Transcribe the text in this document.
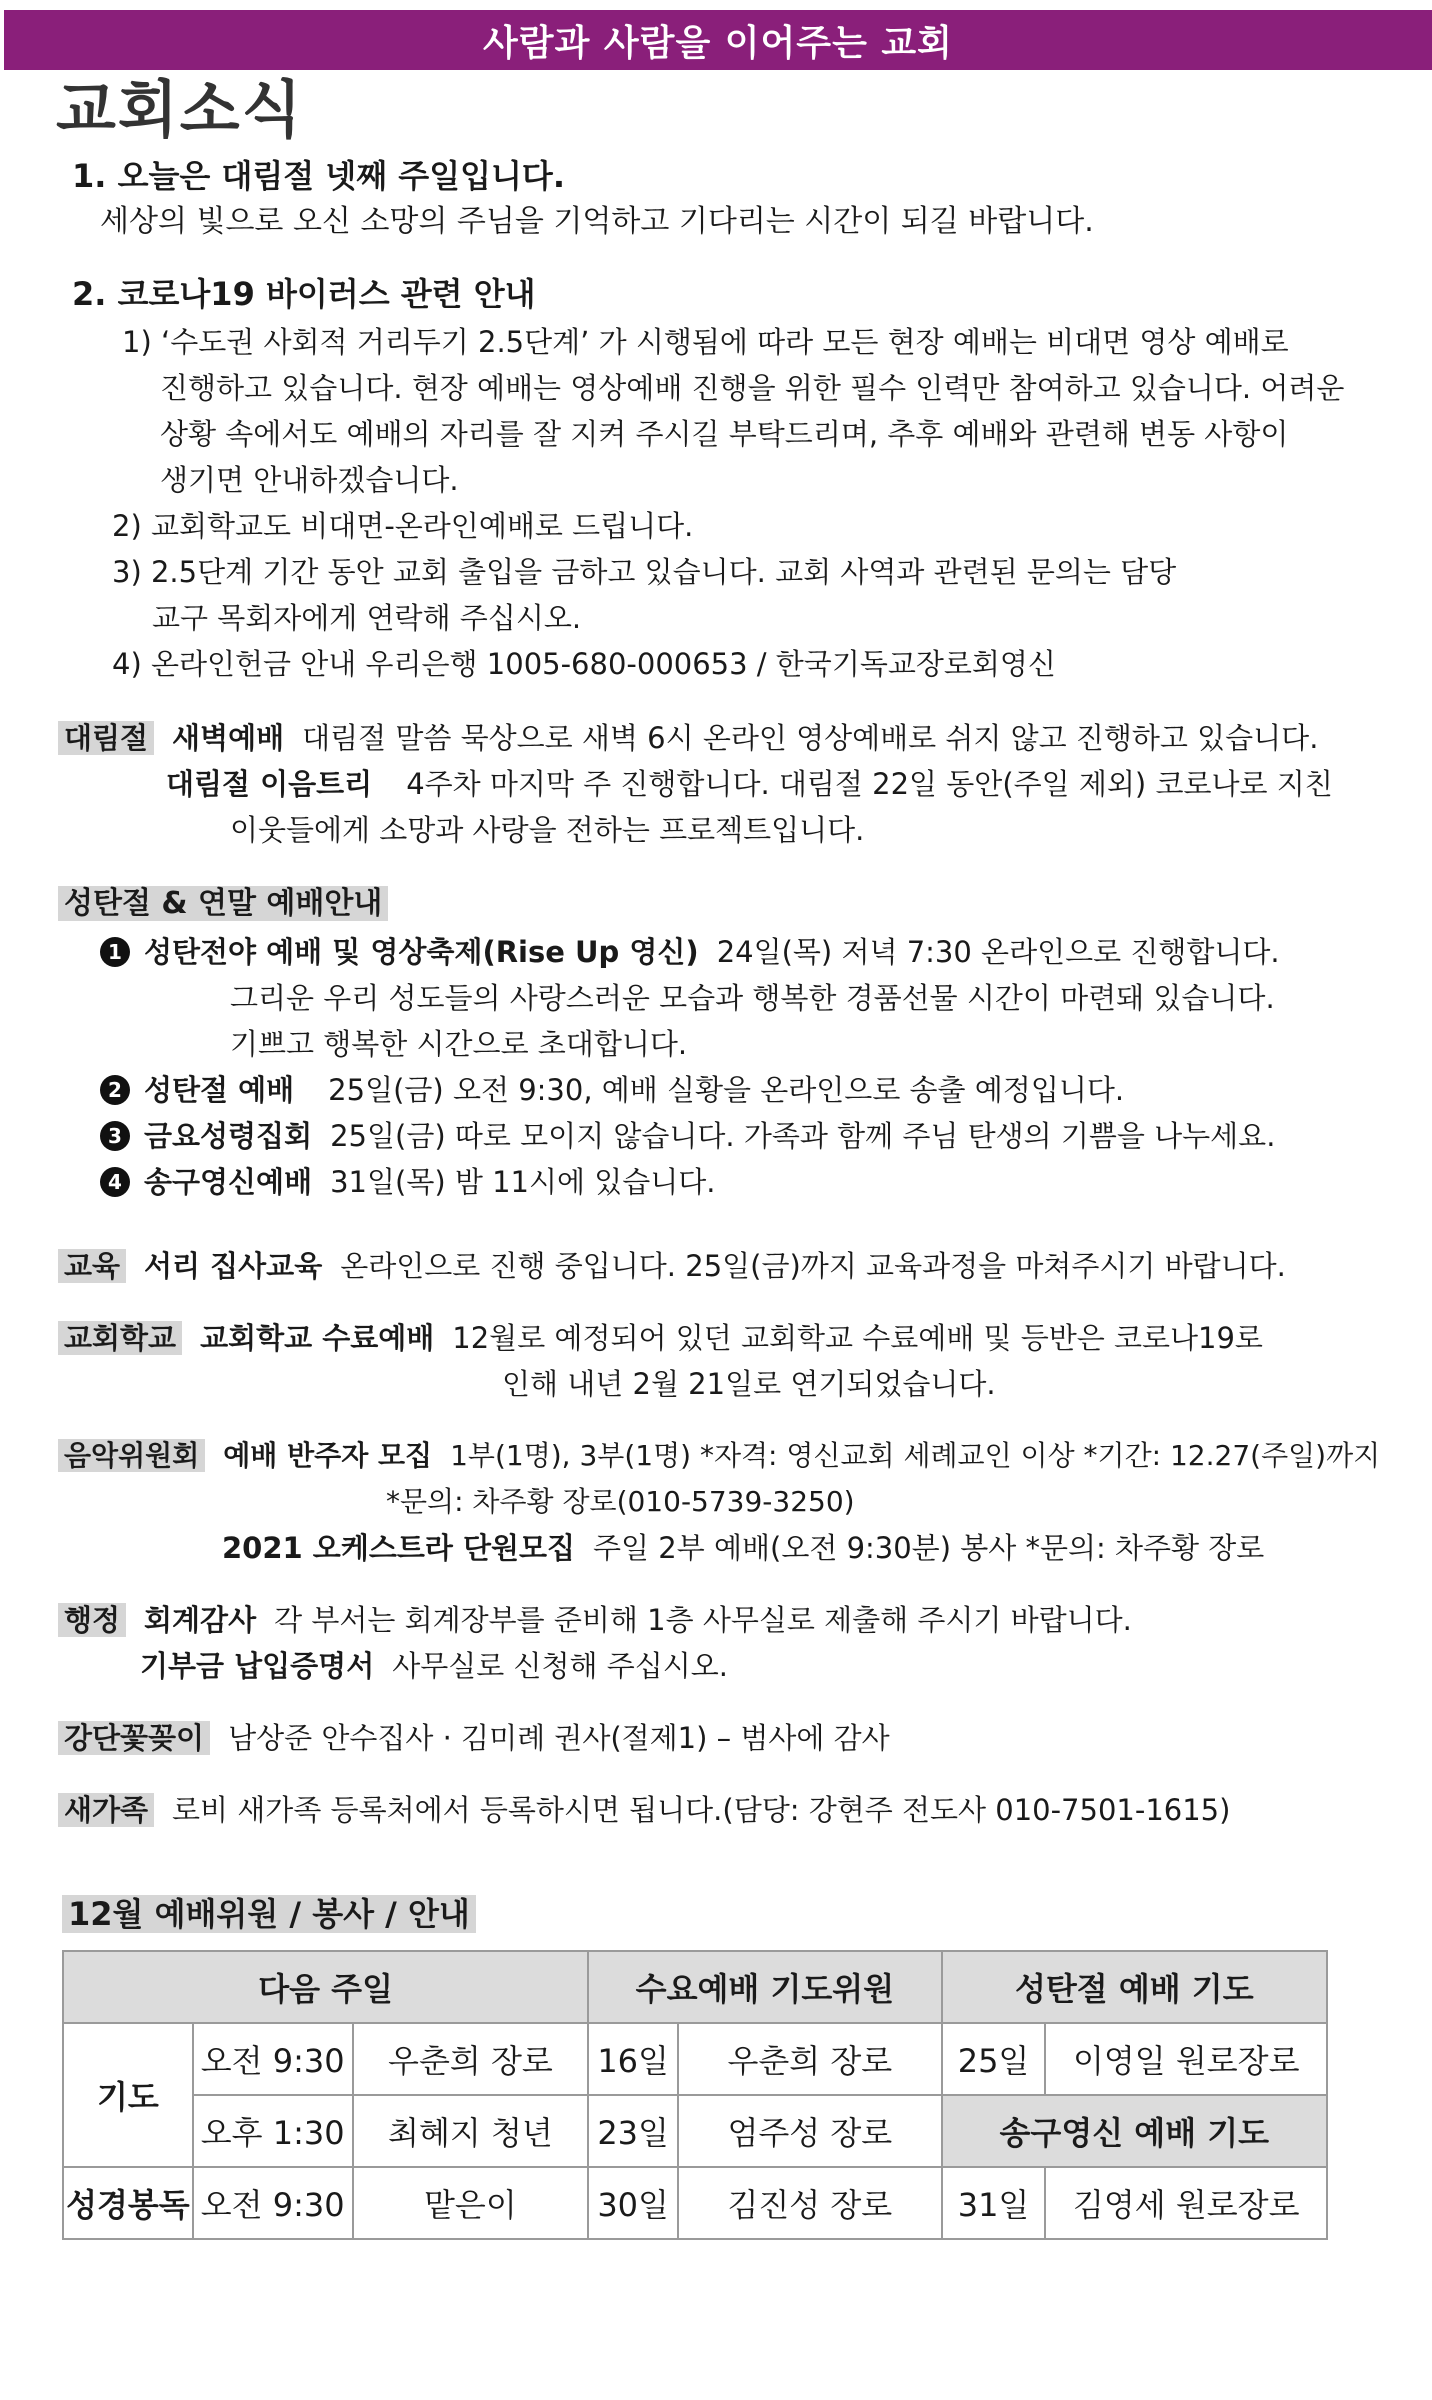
사람과 사람을 이어주는 교회
교회소식
1. 오늘은 대림절 넷째 주일입니다.
세상의 빛으로 오신 소망의 주님을 기억하고 기다리는 시간이 되길 바랍니다.
2. 코로나19 바이러스 관련 안내
1) ‘수도권 사회적 거리두기 2.5단계’ 가 시행됨에 따라 모든 현장 예배는 비대면 영상 예배로
진행하고 있습니다. 현장 예배는 영상예배 진행을 위한 필수 인력만 참여하고 있습니다. 어려운
상황 속에서도 예배의 자리를 잘 지켜 주시길 부탁드리며, 추후 예배와 관련해 변동 사항이
생기면 안내하겠습니다.
2) 교회학교도 비대면-온라인예배로 드립니다.
3) 2.5단계 기간 동안 교회 출입을 금하고 있습니다. 교회 사역과 관련된 문의는 담당
교구 목회자에게 연락해 주십시오.
4) 온라인헌금 안내 우리은행 1005-680-000653 / 한국기독교장로회영신
대림절 새벽예배 대림절 말씀 묵상으로 새벽 6시 온라인 영상예배로 쉬지 않고 진행하고 있습니다.
대림절 이음트리 4주차 마지막 주 진행합니다. 대림절 22일 동안(주일 제외) 코로나로 지친
이웃들에게 소망과 사랑을 전하는 프로젝트입니다.
성탄절 & 연말 예배안내
1 성탄전야 예배 및 영상축제(Rise Up 영신) 24일(목) 저녁 7:30 온라인으로 진행합니다.
그리운 우리 성도들의 사랑스러운 모습과 행복한 경품선물 시간이 마련돼 있습니다.
기쁘고 행복한 시간으로 초대합니다.
2 성탄절 예배 25일(금) 오전 9:30, 예배 실황을 온라인으로 송출 예정입니다.
3 금요성령집회 25일(금) 따로 모이지 않습니다. 가족과 함께 주님 탄생의 기쁨을 나누세요.
4 송구영신예배 31일(목) 밤 11시에 있습니다.
교육 서리 집사교육 온라인으로 진행 중입니다. 25일(금)까지 교육과정을 마쳐주시기 바랍니다.
교회학교 교회학교 수료예배 12월로 예정되어 있던 교회학교 수료예배 및 등반은 코로나19로
인해 내년 2월 21일로 연기되었습니다.
음악위원회 예배 반주자 모집 1부(1명), 3부(1명) *자격: 영신교회 세례교인 이상 *기간: 12.27(주일)까지
*문의: 차주황 장로(010-5739-3250)
2021 오케스트라 단원모집 주일 2부 예배(오전 9:30분) 봉사 *문의: 차주황 장로
행정 회계감사 각 부서는 회계장부를 준비해 1층 사무실로 제출해 주시기 바랍니다.
기부금 납입증명서 사무실로 신청해 주십시오.
강단꽃꽂이 남상준 안수집사 · 김미례 권사(절제1) – 범사에 감사
새가족 로비 새가족 등록처에서 등록하시면 됩니다.(담당: 강현주 전도사 010-7501-1615)
12월 예배위원 / 봉사 / 안내
다음 주일			수요예배 기도위원		성탄절 예배 기도	
기도	오전 9:30	우춘희 장로	16일	우춘희 장로	25일	이영일 원로장로
	오후 1:30	최혜지 청년	23일	엄주성 장로	송구영신 예배 기도	
성경봉독	오전 9:30	맡은이	30일	김진성 장로	31일	김영세 원로장로
